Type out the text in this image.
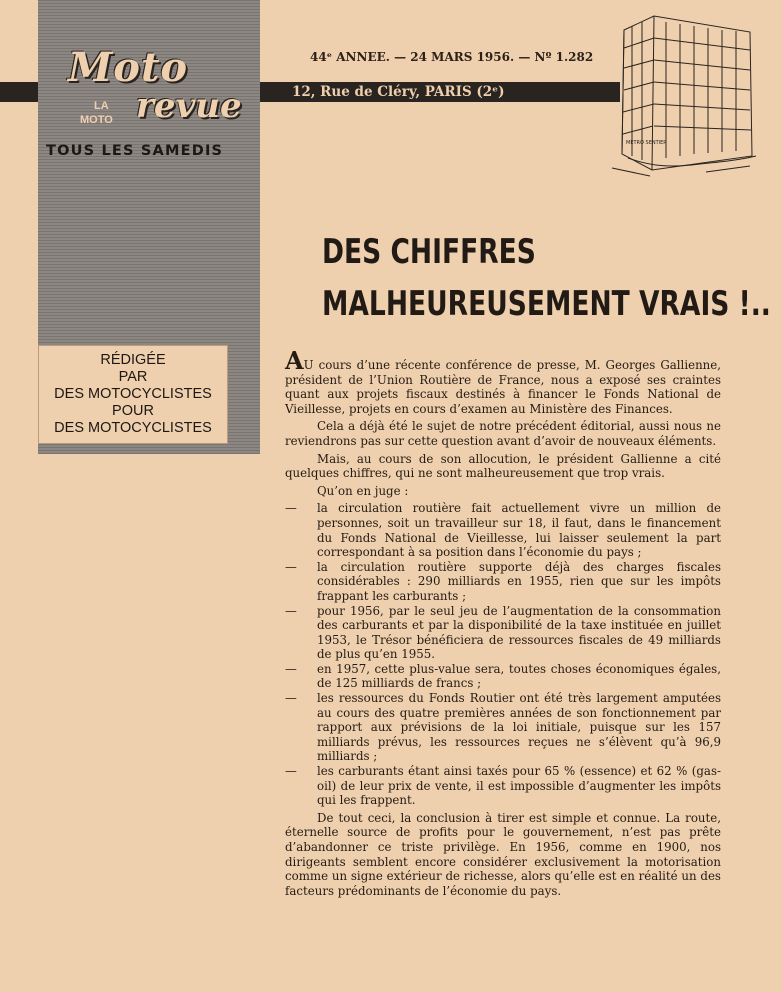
Moto
LA
MOTO revue
TOUS LES SAMEDIS
RÉDIGÉE
PAR
DES MOTOCYCLISTES
POUR
DES MOTOCYCLISTES
44ᵉ ANNEE. — 24 MARS 1956. — Nº 1.282
12, Rue de Cléry, PARIS (2ᵉ)
METRO SENTIER
DES CHIFFRES
MALHEUREUSEMENT VRAIS !..

AU cours d’une récente conférence de presse, M. Georges Gallienne, président de l’Union Routière de France, nous a exposé ses craintes quant aux projets fiscaux destinés à financer le Fonds National de Vieillesse, projets en cours d’examen au Ministère des Finances.

Cela a déjà été le sujet de notre précédent éditorial, aussi nous ne reviendrons pas sur cette question avant d’avoir de nouveaux éléments.

Mais, au cours de son allocution, le président Gallienne a cité quelques chiffres, qui ne sont malheureusement que trop vrais.

Qu’on en juge :

— la circulation routière fait actuellement vivre un million de personnes, soit un travailleur sur 18, il faut, dans le financement du Fonds National de Vieillesse, lui laisser seulement la part correspondant à sa position dans l’économie du pays ;
— la circulation routière supporte déjà des charges fiscales considérables : 290 milliards en 1955, rien que sur les impôts frappant les carburants ;
— pour 1956, par le seul jeu de l’augmentation de la consommation des carburants et par la disponibilité de la taxe instituée en juillet 1953, le Trésor bénéficiera de ressources fiscales de 49 milliards de plus qu’en 1955.
— en 1957, cette plus-value sera, toutes choses économiques égales, de 125 milliards de francs ;
— les ressources du Fonds Routier ont été très largement amputées au cours des quatre premières années de son fonctionnement par rapport aux prévisions de la loi initiale, puisque sur les 157 milliards prévus, les ressources reçues ne s’élèvent qu’à 96,9 milliards ;
— les carburants étant ainsi taxés pour 65 % (essence) et 62 % (gas-oil) de leur prix de vente, il est impossible d’augmenter les impôts qui les frappent.

De tout ceci, la conclusion à tirer est simple et connue. La route, éternelle source de profits pour le gouvernement, n’est pas prête d’abandonner ce triste privilège. En 1956, comme en 1900, nos dirigeants semblent encore considérer exclusivement la motorisation comme un signe extérieur de richesse, alors qu’elle est en réalité un des facteurs prédominants de l’économie du pays.
